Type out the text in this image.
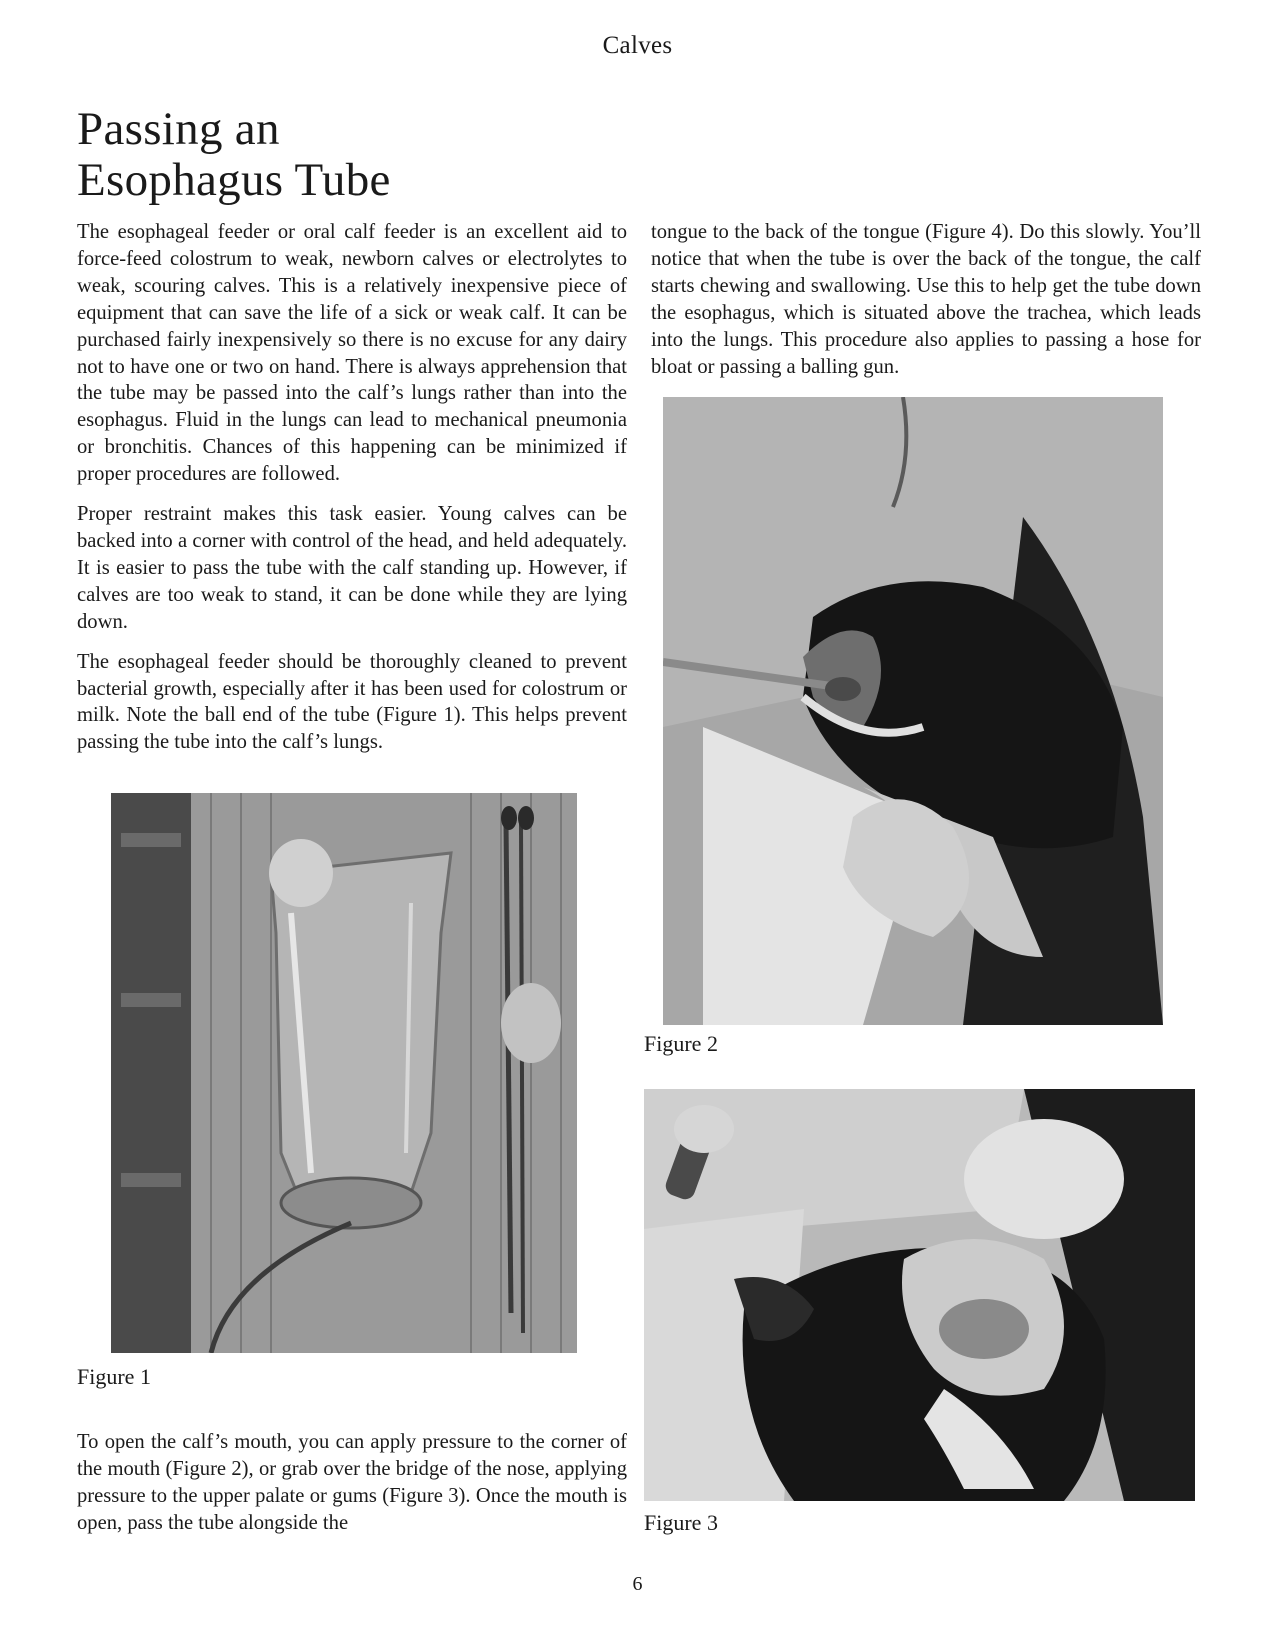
Calves
Passing an
Esophagus Tube

The esophageal feeder or oral calf feeder is an excellent aid to force-feed colostrum to weak, newborn calves or electrolytes to weak, scouring calves. This is a relatively inexpensive piece of equipment that can save the life of a sick or weak calf. It can be purchased fairly inexpensively so there is no excuse for any dairy not to have one or two on hand. There is always apprehension that the tube may be passed into the calf’s lungs rather than into the esophagus. Fluid in the lungs can lead to mechanical pneumonia or bronchitis. Chances of this happening can be minimized if proper procedures are followed.

Proper restraint makes this task easier. Young calves can be backed into a corner with control of the head, and held adequately. It is easier to pass the tube with the calf standing up. However, if calves are too weak to stand, it can be done while they are lying down.

The esophageal feeder should be thoroughly cleaned to prevent bacterial growth, especially after it has been used for colostrum or milk. Note the ball end of the tube (Figure 1). This helps prevent passing the tube into the calf’s lungs.

tongue to the back of the tongue (Figure 4). Do this slowly. You’ll notice that when the tube is over the back of the tongue, the calf starts chewing and swallowing. Use this to help get the tube down the esophagus, which is situated above the trachea, which leads into the lungs. This procedure also applies to passing a hose for bloat or passing a balling gun.

Figure 1

To open the calf’s mouth, you can apply pressure to the corner of the mouth (Figure 2), or grab over the bridge of the nose, applying pressure to the upper palate or gums (Figure 3). Once the mouth is open, pass the tube alongside the

Figure 2
Figure 3
6
